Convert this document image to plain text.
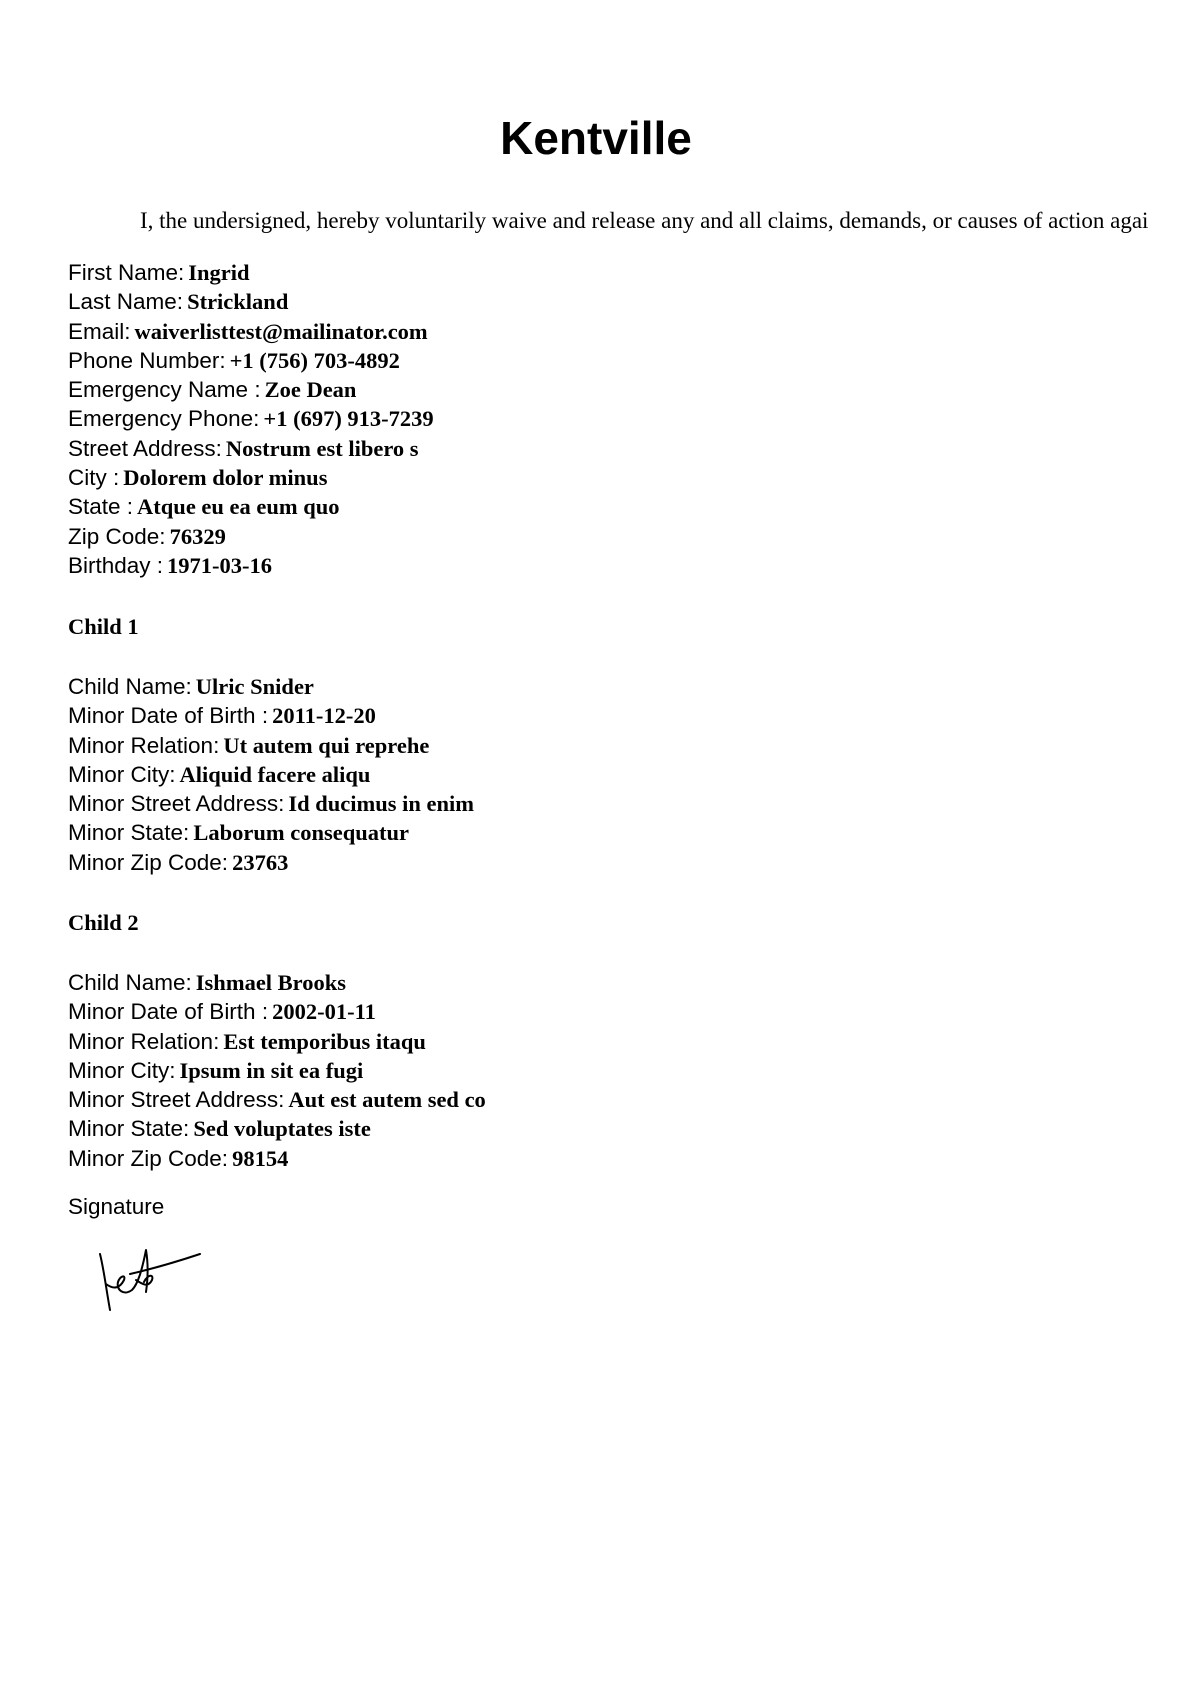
Kentville
I, the undersigned, hereby voluntarily waive and release any and all claims, demands, or causes of action agai
First Name: Ingrid
Last Name: Strickland
Email: waiverlisttest@mailinator.com
Phone Number: +1 (756) 703-4892
Emergency Name : Zoe Dean
Emergency Phone: +1 (697) 913-7239
Street Address: Nostrum est libero s
City : Dolorem dolor minus
State : Atque eu ea eum quo
Zip Code: 76329
Birthday : 1971-03-16
Child 1
Child Name: Ulric Snider
Minor Date of Birth : 2011-12-20
Minor Relation: Ut autem qui reprehe
Minor City: Aliquid facere aliqu
Minor Street Address: Id ducimus in enim
Minor State: Laborum consequatur
Minor Zip Code: 23763
Child 2
Child Name: Ishmael Brooks
Minor Date of Birth : 2002-01-11
Minor Relation: Est temporibus itaqu
Minor City: Ipsum in sit ea fugi
Minor Street Address: Aut est autem sed co
Minor State: Sed voluptates iste
Minor Zip Code: 98154
Signature
